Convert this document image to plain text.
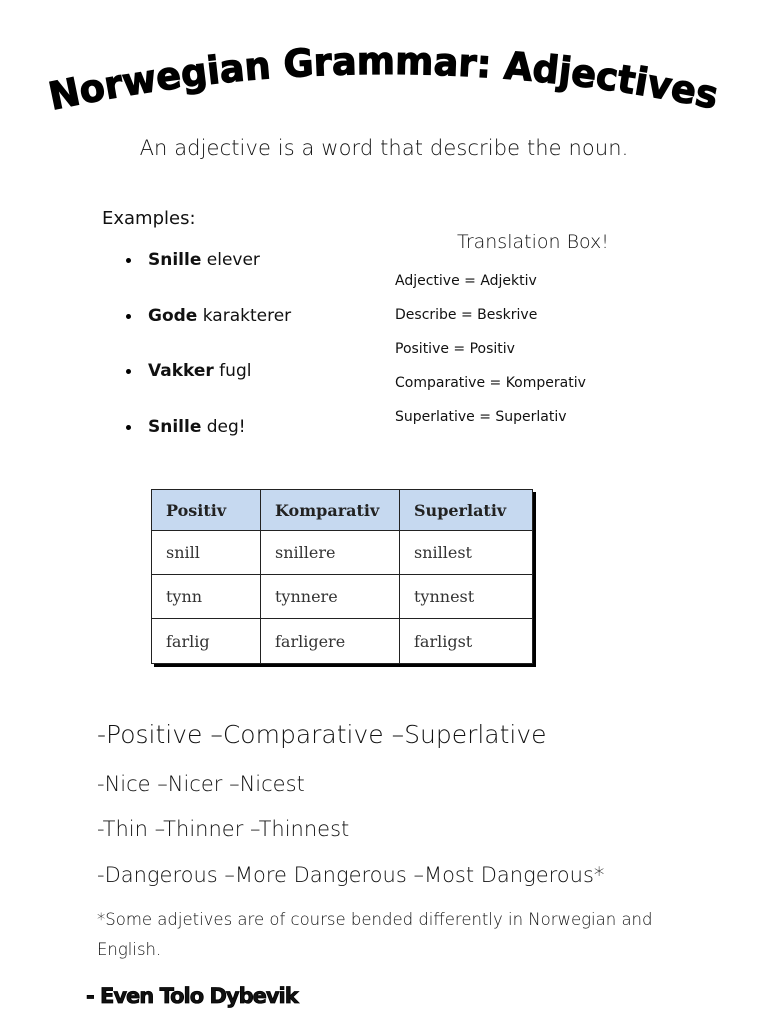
Norwegian Grammar: Adjectives
An adjective is a word that describe the noun.
Examples:
Snille elever
Gode karakterer
Vakker fugl
Snille deg!
Translation Box!
Adjective = Adjektiv
Describe = Beskrive
Positive = Positiv
Comparative = Komperativ
Superlative = Superlativ
Positiv	Komparativ	Superlativ
snill	snillere	snillest
tynn	tynnere	tynnest
farlig	farligere	farligst
-Positive –Comparative –Superlative
-Nice –Nicer –Nicest
-Thin –Thinner –Thinnest
-Dangerous –More Dangerous –Most Dangerous*
*Some adjetives are of course bended differently in Norwegian and English.
- Even Tolo Dybevik
